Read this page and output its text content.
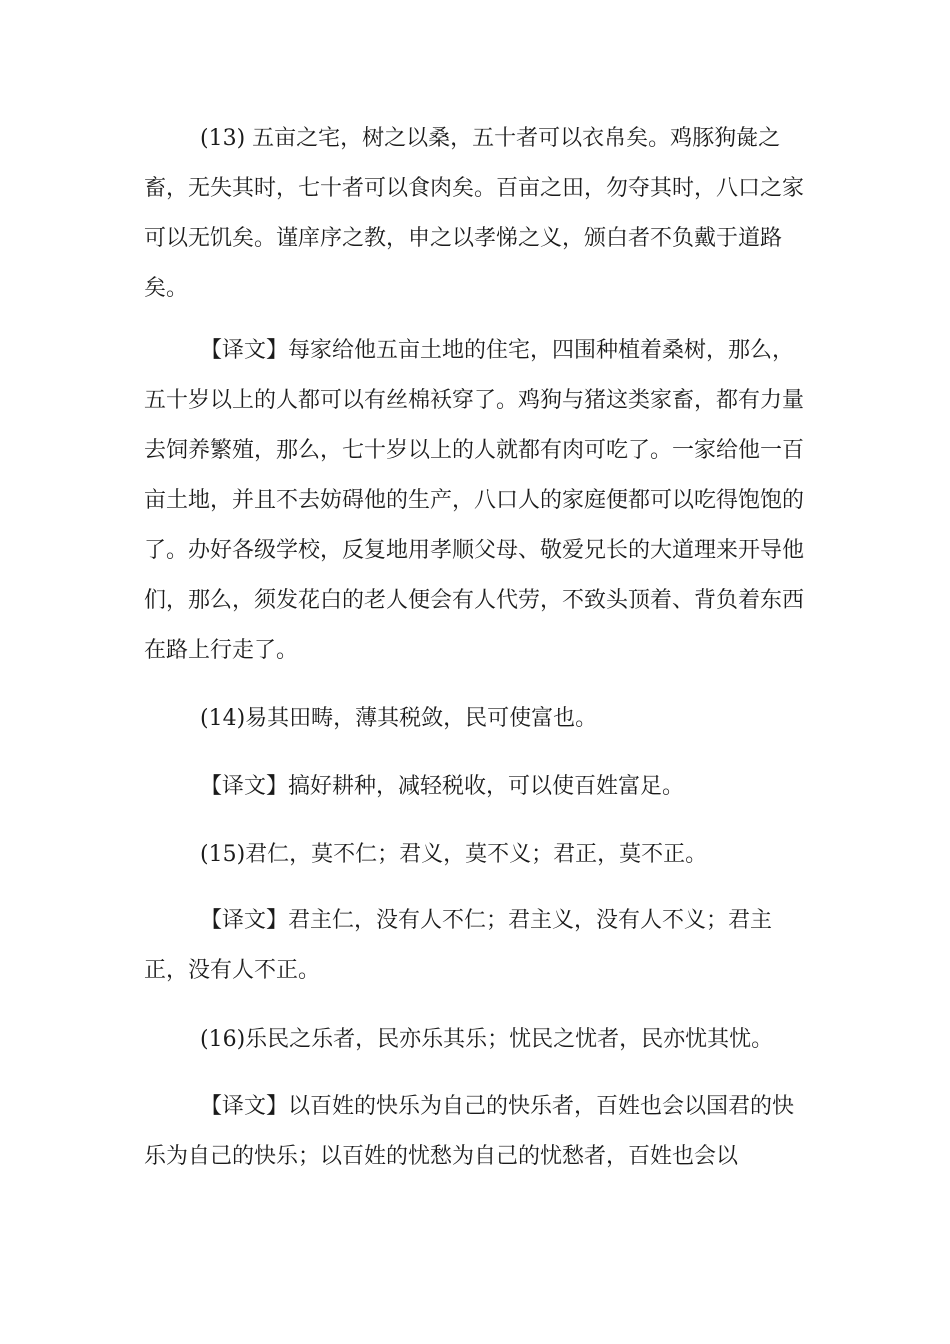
(13) 五亩之宅，树之以桑，五十者可以衣帛矣。鸡豚狗彘之畜，无失其时，七十者可以食肉矣。百亩之田，勿夺其时，八口之家可以无饥矣。谨庠序之教，申之以孝悌之义，颁白者不负戴于道路矣。

【译文】每家给他五亩土地的住宅，四围种植着桑树，那么，五十岁以上的人都可以有丝棉袄穿了。鸡狗与猪这类家畜，都有力量去饲养繁殖，那么，七十岁以上的人就都有肉可吃了。一家给他一百亩土地，并且不去妨碍他的生产，八口人的家庭便都可以吃得饱饱的了。办好各级学校，反复地用孝顺父母、敬爱兄长的大道理来开导他们，那么，须发花白的老人便会有人代劳，不致头顶着、背负着东西在路上行走了。

(14)易其田畴，薄其税敛，民可使富也。

【译文】搞好耕种，减轻税收，可以使百姓富足。

(15)君仁，莫不仁；君义，莫不义；君正，莫不正。

【译文】君主仁，没有人不仁；君主义，没有人不义；君主正，没有人不正。

(16)乐民之乐者，民亦乐其乐；忧民之忧者，民亦忧其忧。

【译文】以百姓的快乐为自己的快乐者，百姓也会以国君的快乐为自己的快乐；以百姓的忧愁为自己的忧愁者，百姓也会以
